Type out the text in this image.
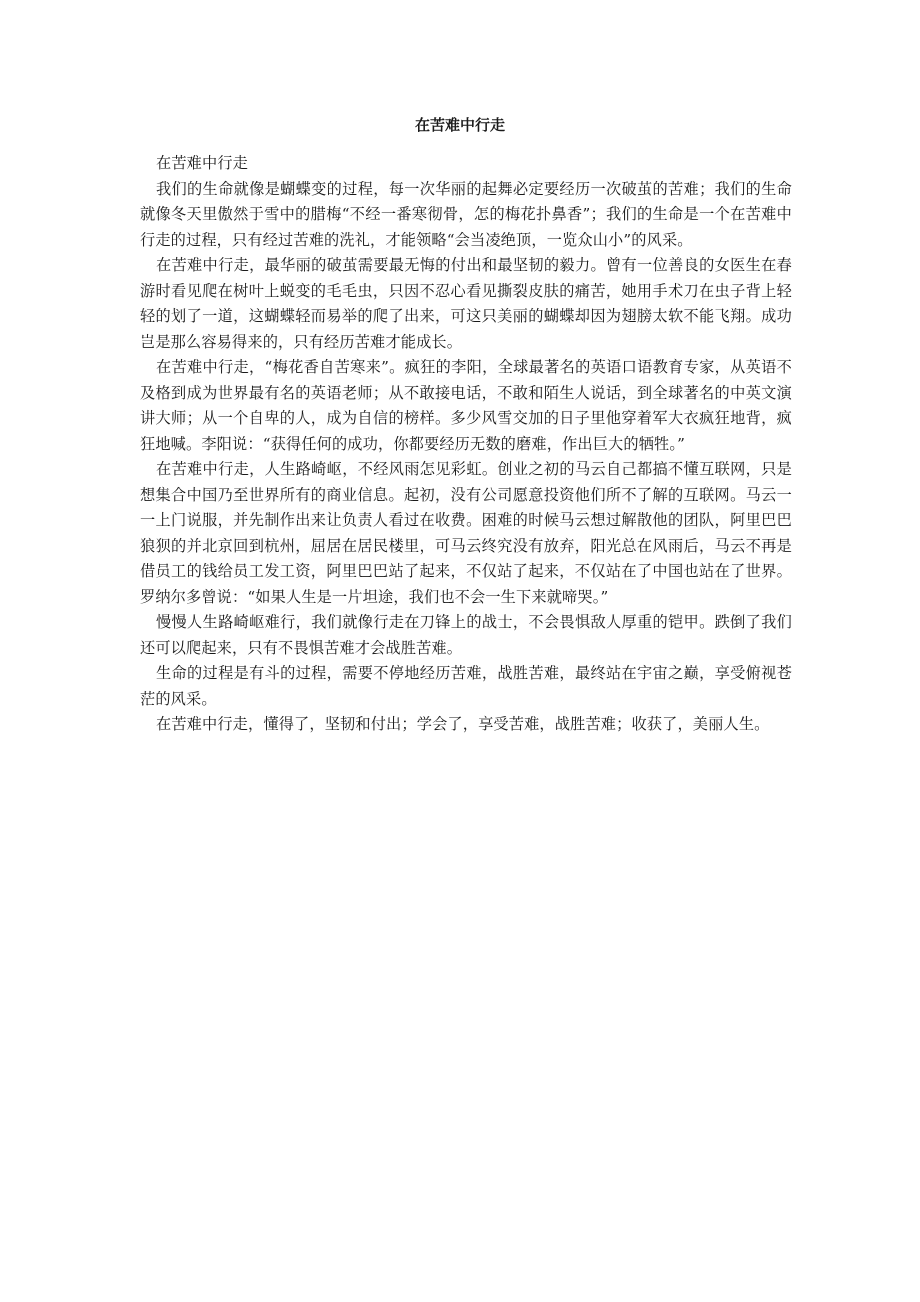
在苦难中行走

在苦难中行走

我们的生命就像是蝴蝶变的过程，每一次华丽的起舞必定要经历一次破茧的苦难；我们的生命就像冬天里傲然于雪中的腊梅“不经一番寒彻骨，怎的梅花扑鼻香”；我们的生命是一个在苦难中行走的过程，只有经过苦难的洗礼，才能领略“会当凌绝顶，一览众山小”的风采。

在苦难中行走，最华丽的破茧需要最无悔的付出和最坚韧的毅力。曾有一位善良的女医生在春游时看见爬在树叶上蜕变的毛毛虫，只因不忍心看见撕裂皮肤的痛苦，她用手术刀在虫子背上轻轻的划了一道，这蝴蝶轻而易举的爬了出来，可这只美丽的蝴蝶却因为翅膀太软不能飞翔。成功岂是那么容易得来的，只有经历苦难才能成长。

在苦难中行走，“梅花香自苦寒来”。疯狂的李阳，全球最著名的英语口语教育专家，从英语不及格到成为世界最有名的英语老师；从不敢接电话，不敢和陌生人说话，到全球著名的中英文演讲大师；从一个自卑的人，成为自信的榜样。多少风雪交加的日子里他穿着军大衣疯狂地背，疯狂地喊。李阳说：“获得任何的成功，你都要经历无数的磨难，作出巨大的牺牲。”

在苦难中行走，人生路崎岖，不经风雨怎见彩虹。创业之初的马云自己都搞不懂互联网，只是想集合中国乃至世界所有的商业信息。起初，没有公司愿意投资他们所不了解的互联网。马云一一上门说服，并先制作出来让负责人看过在收费。困难的时候马云想过解散他的团队，阿里巴巴狼狈的并北京回到杭州，屈居在居民楼里，可马云终究没有放弃，阳光总在风雨后，马云不再是借员工的钱给员工发工资，阿里巴巴站了起来，不仅站了起来，不仅站在了中国也站在了世界。罗纳尔多曾说：“如果人生是一片坦途，我们也不会一生下来就啼哭。”

慢慢人生路崎岖难行，我们就像行走在刀锋上的战士，不会畏惧敌人厚重的铠甲。跌倒了我们还可以爬起来，只有不畏惧苦难才会战胜苦难。

生命的过程是有斗的过程，需要不停地经历苦难，战胜苦难，最终站在宇宙之巅，享受俯视苍茫的风采。

在苦难中行走，懂得了，坚韧和付出；学会了，享受苦难，战胜苦难；收获了，美丽人生。
